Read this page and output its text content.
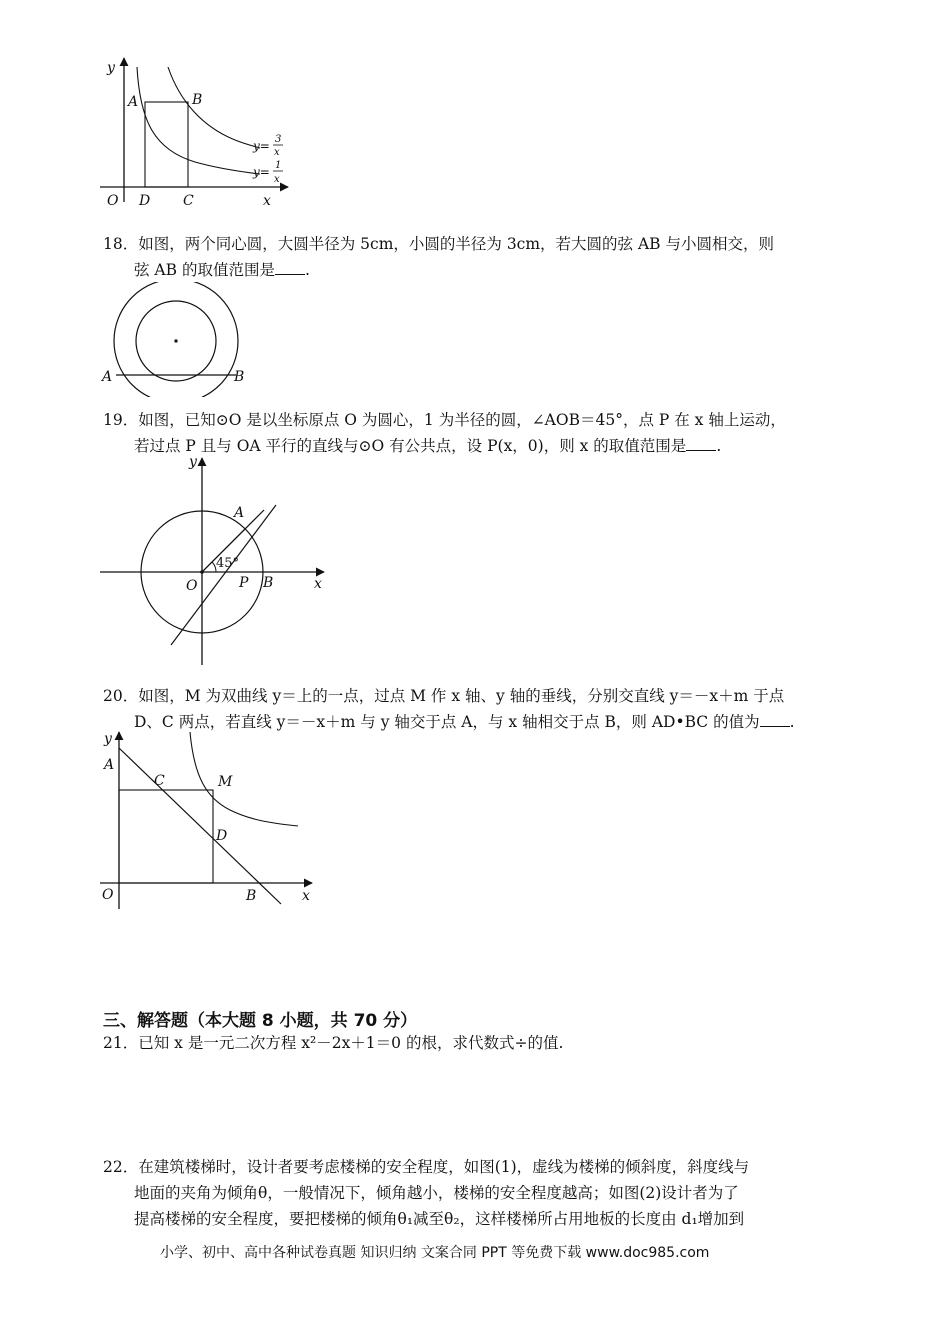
y
A	B
O D C	x
y= 3
x
y= 1
x
18．如图，两个同心圆，大圆半径为 5cm，小圆的半径为 3cm，若大圆的弦 AB 与小圆相交，则
弦 AB 的取值范围是 .
A	B
19．如图，已知⊙O 是以坐标原点 O 为圆心，1 为半径的圆，∠AOB＝45°，点 P 在 x 轴上运动，
若过点 P 且与 OA 平行的直线与⊙O 有公共点，设 P(x，0)，则 x 的取值范围是 .
y
A
45°
O	P B	x
20．如图，M 为双曲线 y＝上的一点，过点 M 作 x 轴、y 轴的垂线，分别交直线 y＝－x＋m 于点
D、C 两点，若直线 y＝－x＋m 与 y 轴交于点 A，与 x 轴相交于点 B，则 AD•BC 的值为 .
y
A
C	M
D
O	B	x
三、解答题（本大题 8 小题，共 70 分）
21．已知 x 是一元二次方程 x²－2x＋1＝0 的根，求代数式÷的值.
22．在建筑楼梯时，设计者要考虑楼梯的安全程度，如图(1)，虚线为楼梯的倾斜度，斜度线与
地面的夹角为倾角θ，一般情况下，倾角越小，楼梯的安全程度越高；如图(2)设计者为了
提高楼梯的安全程度，要把楼梯的倾角θ₁减至θ₂，这样楼梯所占用地板的长度由 d₁增加到
小学、初中、高中各种试卷真题 知识归纳 文案合同 PPT 等免费下载 www.doc985.com
